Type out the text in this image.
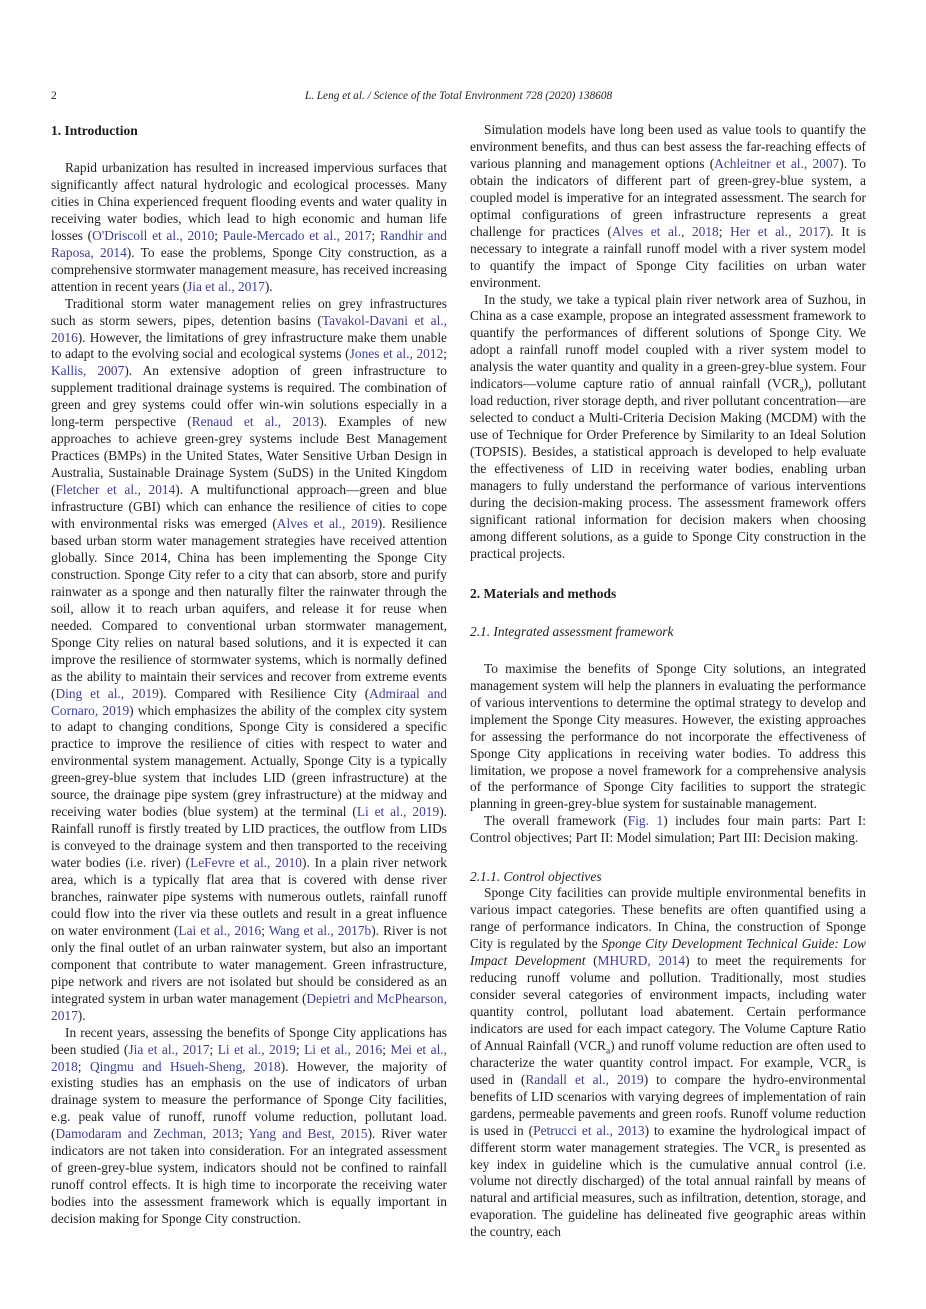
2	L. Leng et al. / Science of the Total Environment 728 (2020) 138608
1. Introduction

Rapid urbanization has resulted in increased impervious surfaces that significantly affect natural hydrologic and ecological processes. Many cities in China experienced frequent flooding events and water quality in receiving water bodies, which lead to high economic and human life losses (O'Driscoll et al., 2010; Paule-Mercado et al., 2017; Randhir and Raposa, 2014). To ease the problems, Sponge City construction, as a comprehensive stormwater management measure, has received increasing attention in recent years (Jia et al., 2017).

Traditional storm water management relies on grey infrastructures such as storm sewers, pipes, detention basins (Tavakol-Davani et al., 2016). However, the limitations of grey infrastructure make them unable to adapt to the evolving social and ecological systems (Jones et al., 2012; Kallis, 2007). An extensive adoption of green infrastructure to supplement traditional drainage systems is required. The combination of green and grey systems could offer win-win solutions especially in a long-term perspective (Renaud et al., 2013). Examples of new approaches to achieve green-grey systems include Best Management Practices (BMPs) in the United States, Water Sensitive Urban Design in Australia, Sustainable Drainage System (SuDS) in the United Kingdom (Fletcher et al., 2014). A multifunctional approach—green and blue infrastructure (GBI) which can enhance the resilience of cities to cope with environmental risks was emerged (Alves et al., 2019). Resilience based urban storm water management strategies have received attention globally. Since 2014, China has been implementing the Sponge City construction. Sponge City refer to a city that can absorb, store and purify rainwater as a sponge and then naturally filter the rainwater through the soil, allow it to reach urban aquifers, and release it for reuse when needed. Compared to conventional urban stormwater management, Sponge City relies on natural based solutions, and it is expected it can improve the resilience of stormwater systems, which is normally defined as the ability to maintain their services and recover from extreme events (Ding et al., 2019). Compared with Resilience City (Admiraal and Cornaro, 2019) which emphasizes the ability of the complex city system to adapt to changing conditions, Sponge City is considered a specific practice to improve the resilience of cities with respect to water and environmental system management. Actually, Sponge City is a typically green-grey-blue system that includes LID (green infrastructure) at the source, the drainage pipe system (grey infrastructure) at the midway and receiving water bodies (blue system) at the terminal (Li et al., 2019). Rainfall runoff is firstly treated by LID practices, the outflow from LIDs is conveyed to the drainage system and then transported to the receiving water bodies (i.e. river) (LeFevre et al., 2010). In a plain river network area, which is a typically flat area that is covered with dense river branches, rainwater pipe systems with numerous outlets, rainfall runoff could flow into the river via these outlets and result in a great influence on water environment (Lai et al., 2016; Wang et al., 2017b). River is not only the final outlet of an urban rainwater system, but also an important component that contribute to water management. Green infrastructure, pipe network and rivers are not isolated but should be considered as an integrated system in urban water management (Depietri and McPhearson, 2017).

In recent years, assessing the benefits of Sponge City applications has been studied (Jia et al., 2017; Li et al., 2019; Li et al., 2016; Mei et al., 2018; Qingmu and Hsueh-Sheng, 2018). However, the majority of existing studies has an emphasis on the use of indicators of urban drainage system to measure the performance of Sponge City facilities, e.g. peak value of runoff, runoff volume reduction, pollutant load. (Damodaram and Zechman, 2013; Yang and Best, 2015). River water indicators are not taken into consideration. For an integrated assessment of green-grey-blue system, indicators should not be confined to rainfall runoff control effects. It is high time to incorporate the receiving water bodies into the assessment framework which is equally important in decision making for Sponge City construction.

Simulation models have long been used as value tools to quantify the environment benefits, and thus can best assess the far-reaching effects of various planning and management options (Achleitner et al., 2007). To obtain the indicators of different part of green-grey-blue system, a coupled model is imperative for an integrated assessment. The search for optimal configurations of green infrastructure represents a great challenge for practices (Alves et al., 2018; Her et al., 2017). It is necessary to integrate a rainfall runoff model with a river system model to quantify the impact of Sponge City facilities on urban water environment.

In the study, we take a typical plain river network area of Suzhou, in China as a case example, propose an integrated assessment framework to quantify the performances of different solutions of Sponge City. We adopt a rainfall runoff model coupled with a river system model to analysis the water quantity and quality in a green-grey-blue system. Four indicators—volume capture ratio of annual rainfall $(VCR_a)$, pollutant load reduction, river storage depth, and river pollutant concentration—are selected to conduct a Multi-Criteria Decision Making (MCDM) with the use of Technique for Order Preference by Similarity to an Ideal Solution (TOPSIS). Besides, a statistical approach is developed to help evaluate the effectiveness of LID in receiving water bodies, enabling urban managers to fully understand the performance of various interventions during the decision-making process. The assessment framework offers significant rational information for decision makers when choosing among different solutions, as a guide to Sponge City construction in the practical projects.

2. Materials and methods
2.1. Integrated assessment framework

To maximise the benefits of Sponge City solutions, an integrated management system will help the planners in evaluating the performance of various interventions to determine the optimal strategy to develop and implement the Sponge City measures. However, the existing approaches for assessing the performance do not incorporate the effectiveness of Sponge City applications in receiving water bodies. To address this limitation, we propose a novel framework for a comprehensive analysis of the performance of Sponge City facilities to support the strategic planning in green-grey-blue system for sustainable management.

The overall framework (Fig. 1) includes four main parts: Part I: Control objectives; Part II: Model simulation; Part III: Decision making.

2.1.1. Control objectives

Sponge City facilities can provide multiple environmental benefits in various impact categories. These benefits are often quantified using a range of performance indicators. In China, the construction of Sponge City is regulated by the Sponge City Development Technical Guide: Low Impact Development (MHURD, 2014) to meet the requirements for reducing runoff volume and pollution. Traditionally, most studies consider several categories of environment impacts, including water quantity control, pollutant load abatement. Certain performance indicators are used for each impact category. The Volume Capture Ratio of Annual Rainfall $(VCR_a)$ and runoff volume reduction are often used to characterize the water quantity control impact. For example, $VCR_a$ is used in (Randall et al., 2019) to compare the hydro-environmental benefits of LID scenarios with varying degrees of implementation of rain gardens, permeable pavements and green roofs. Runoff volume reduction is used in (Petrucci et al., 2013) to examine the hydrological impact of different storm water management strategies. The $VCR_a$ is presented as key index in guideline which is the cumulative annual control (i.e. volume not directly discharged) of the total annual rainfall by means of natural and artificial measures, such as infiltration, detention, storage, and evaporation. The guideline has delineated five geographic areas within the country, each
